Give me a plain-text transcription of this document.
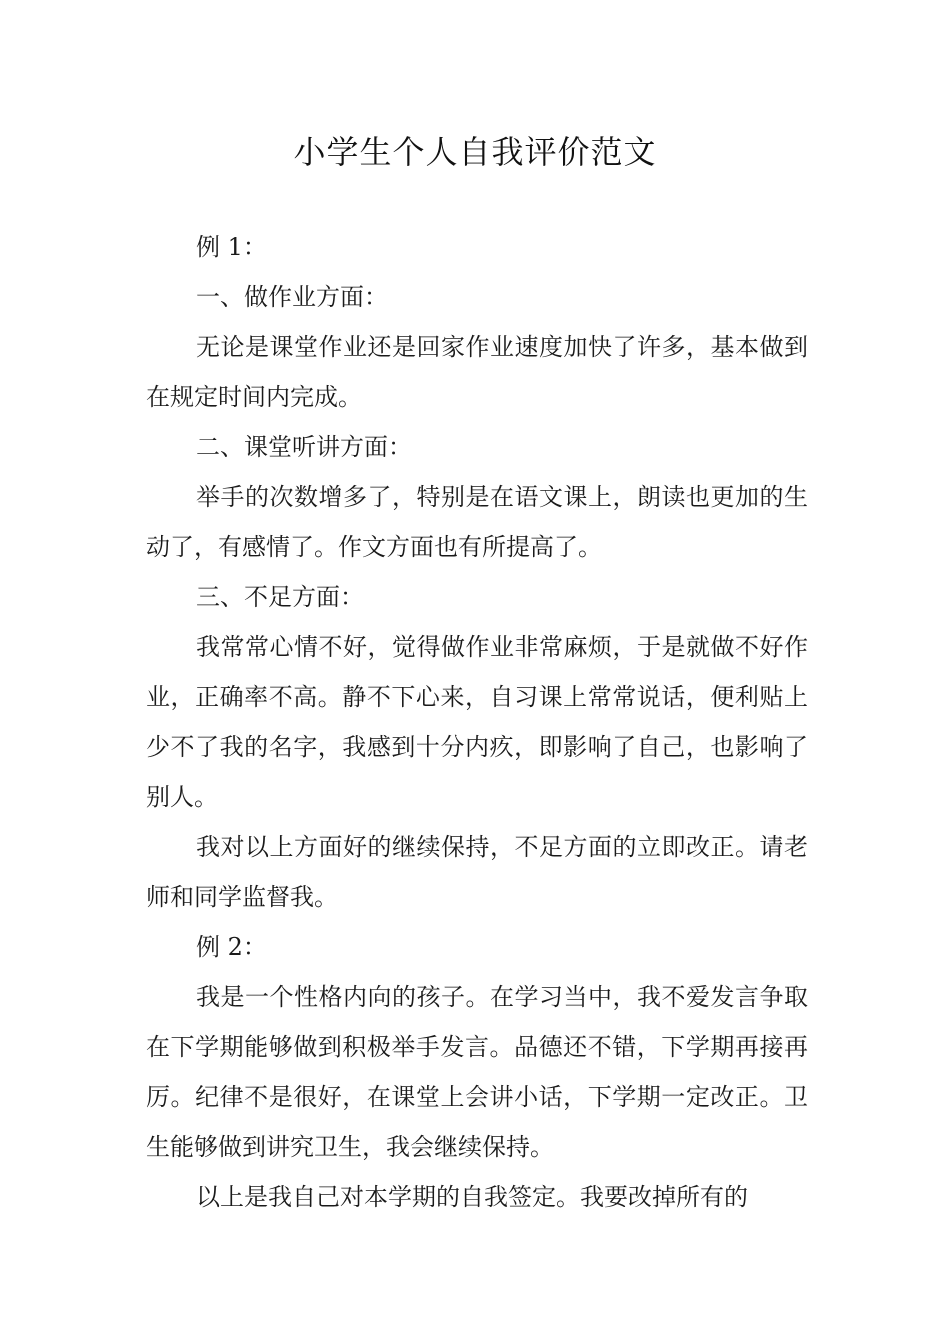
小学生个人自我评价范文

例 1：

一、做作业方面：

无论是课堂作业还是回家作业速度加快了许多，基本做到在规定时间内完成。

二、课堂听讲方面：

举手的次数增多了，特别是在语文课上，朗读也更加的生动了，有感情了。作文方面也有所提高了。

三、不足方面：

我常常心情不好，觉得做作业非常麻烦，于是就做不好作业，正确率不高。静不下心来，自习课上常常说话，便利贴上少不了我的名字，我感到十分内疚，即影响了自己，也影响了别人。

我对以上方面好的继续保持，不足方面的立即改正。请老师和同学监督我。

例 2：

我是一个性格内向的孩子。在学习当中，我不爱发言争取在下学期能够做到积极举手发言。品德还不错，下学期再接再厉。纪律不是很好，在课堂上会讲小话，下学期一定改正。卫生能够做到讲究卫生，我会继续保持。

以上是我自己对本学期的自我签定。我要改掉所有的
